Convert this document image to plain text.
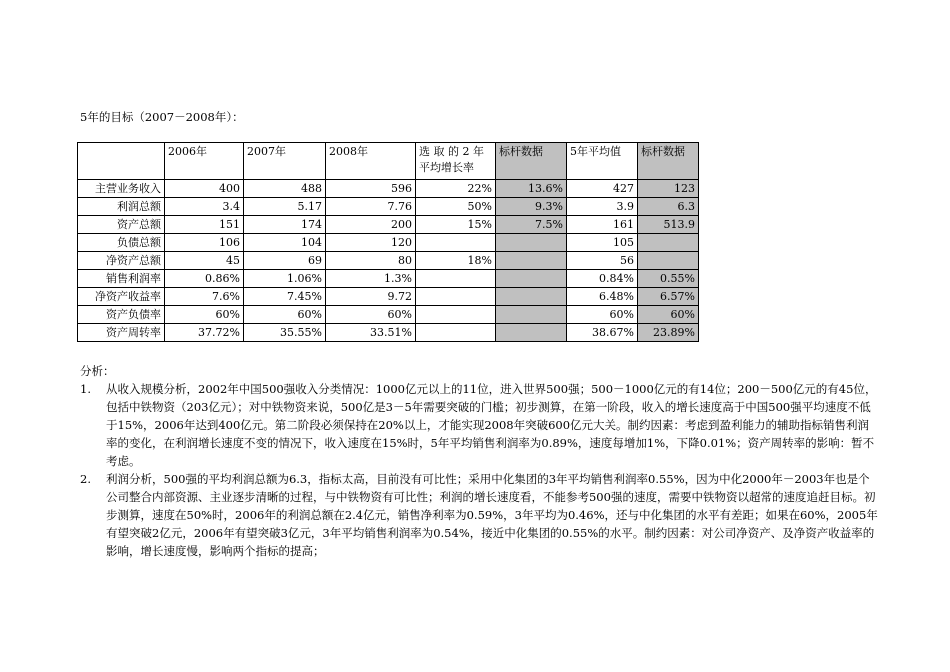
5年的目标（2007－2008年）：
	2006年	2007年	2008年	选 取 的 2 年平均增长率	标杆数据	5年平均值	标杆数据
主营业务收入	400	488	596	22%	13.6%	427	123
利润总额	3.4	5.17	7.76	50%	9.3%	3.9	6.3
资产总额	151	174	200	15%	7.5%	161	513.9
负债总额	106	104	120			105	
净资产总额	45	69	80	18%		56	
销售利润率	0.86%	1.06%	1.3%			0.84%	0.55%
净资产收益率	7.6%	7.45%	9.72			6.48%	6.57%
资产负债率	60%	60%	60%			60%	60%
资产周转率	37.72%	35.55%	33.51%			38.67%	23.89%

分析：

1. 从收入规模分析，2002年中国500强收入分类情况：1000亿元以上的11位，进入世界500强；500－1000亿元的有14位；200－500亿元的有45位，包括中铁物资（203亿元）；对中铁物资来说，500亿是3－5年需要突破的门槛；初步测算，在第一阶段，收入的增长速度高于中国500强平均速度不低于15%，2006年达到400亿元。第二阶段必须保持在20%以上，才能实现2008年突破600亿元大关。制约因素：考虑到盈利能力的辅助指标销售利润率的变化，在利润增长速度不变的情况下，收入速度在15%时，5年平均销售利润率为0.89%，速度每增加1%，下降0.01%；资产周转率的影响：暂不考虑。
2. 利润分析，500强的平均利润总额为6.3，指标太高，目前没有可比性；采用中化集团的3年平均销售利润率0.55%，因为中化2000年－2003年也是个公司整合内部资源、主业逐步清晰的过程，与中铁物资有可比性；利润的增长速度看，不能参考500强的速度，需要中铁物资以超常的速度追赶目标。初步测算，速度在50%时，2006年的利润总额在2.4亿元，销售净利率为0.59%，3年平均为0.46%，还与中化集团的水平有差距；如果在60%，2005年有望突破2亿元，2006年有望突破3亿元，3年平均销售利润率为0.54%，接近中化集团的0.55%的水平。制约因素：对公司净资产、及净资产收益率的影响，增长速度慢，影响两个指标的提高；
